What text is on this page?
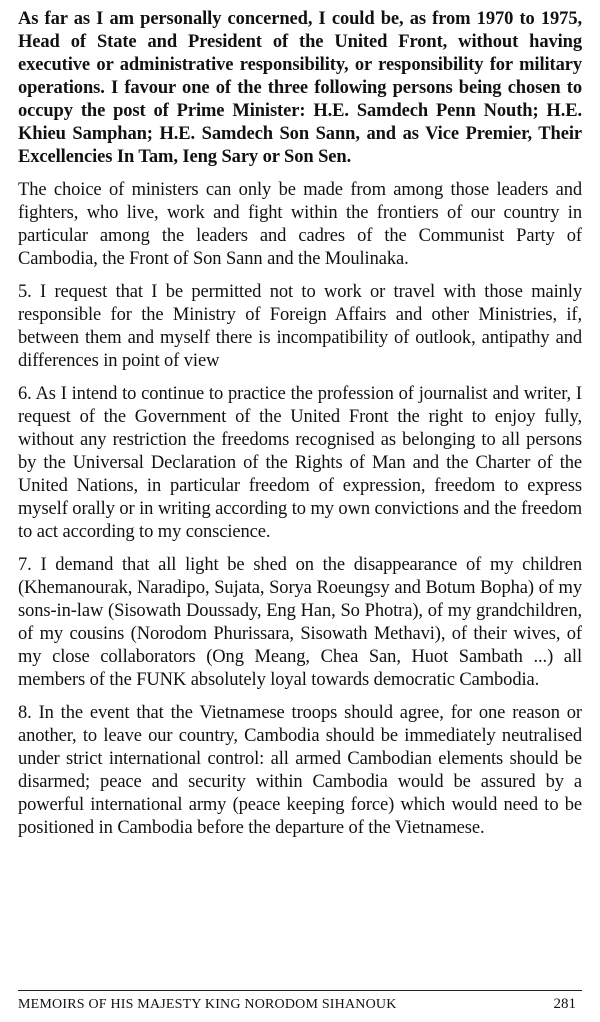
As far as I am personally concerned, I could be, as from 1970 to 1975, Head of State and President of the United Front, without having executive or administrative responsibility, or responsibility for military operations. I favour one of the three following persons being chosen to occupy the post of Prime Minister: H.E. Samdech Penn Nouth; H.E. Khieu Samphan; H.E. Samdech Son Sann, and as Vice Premier, Their Excellencies In Tam, Ieng Sary or Son Sen.

The choice of ministers can only be made from among those leaders and fighters, who live, work and fight within the frontiers of our country in particular among the leaders and cadres of the Communist Party of Cambodia, the Front of Son Sann and the Moulinaka.

5. I request that I be permitted not to work or travel with those mainly responsible for the Ministry of Foreign Affairs and other Ministries, if, between them and myself there is incompatibility of outlook, antipathy and differences in point of view

6. As I intend to continue to practice the profession of journalist and writer, I request of the Government of the United Front the right to enjoy fully, without any restriction the freedoms recognised as belonging to all persons by the Universal Declaration of the Rights of Man and the Charter of the United Nations, in particular freedom of expression, freedom to express myself orally or in writing according to my own convictions and the freedom to act according to my conscience.

7. I demand that all light be shed on the disappearance of my children (Khemanourak, Naradipo, Sujata, Sorya Roeungsy and Botum Bopha) of my sons-in-law (Sisowath Doussady, Eng Han, So Photra), of my grandchildren, of my cousins (Norodom Phurissara, Sisowath Methavi), of their wives, of my close collaborators (Ong Meang, Chea San, Huot Sambath ...) all members of the FUNK absolutely loyal towards democratic Cambodia.

8. In the event that the Vietnamese troops should agree, for one reason or another, to leave our country, Cambodia should be immediately neutralised under strict international control: all armed Cambodian elements should be disarmed; peace and security within Cambodia would be assured by a powerful international army (peace keeping force) which would need to be positioned in Cambodia before the departure of the Vietnamese.

MEMOIRS OF HIS MAJESTY KING NORODOM SIHANOUK	281
